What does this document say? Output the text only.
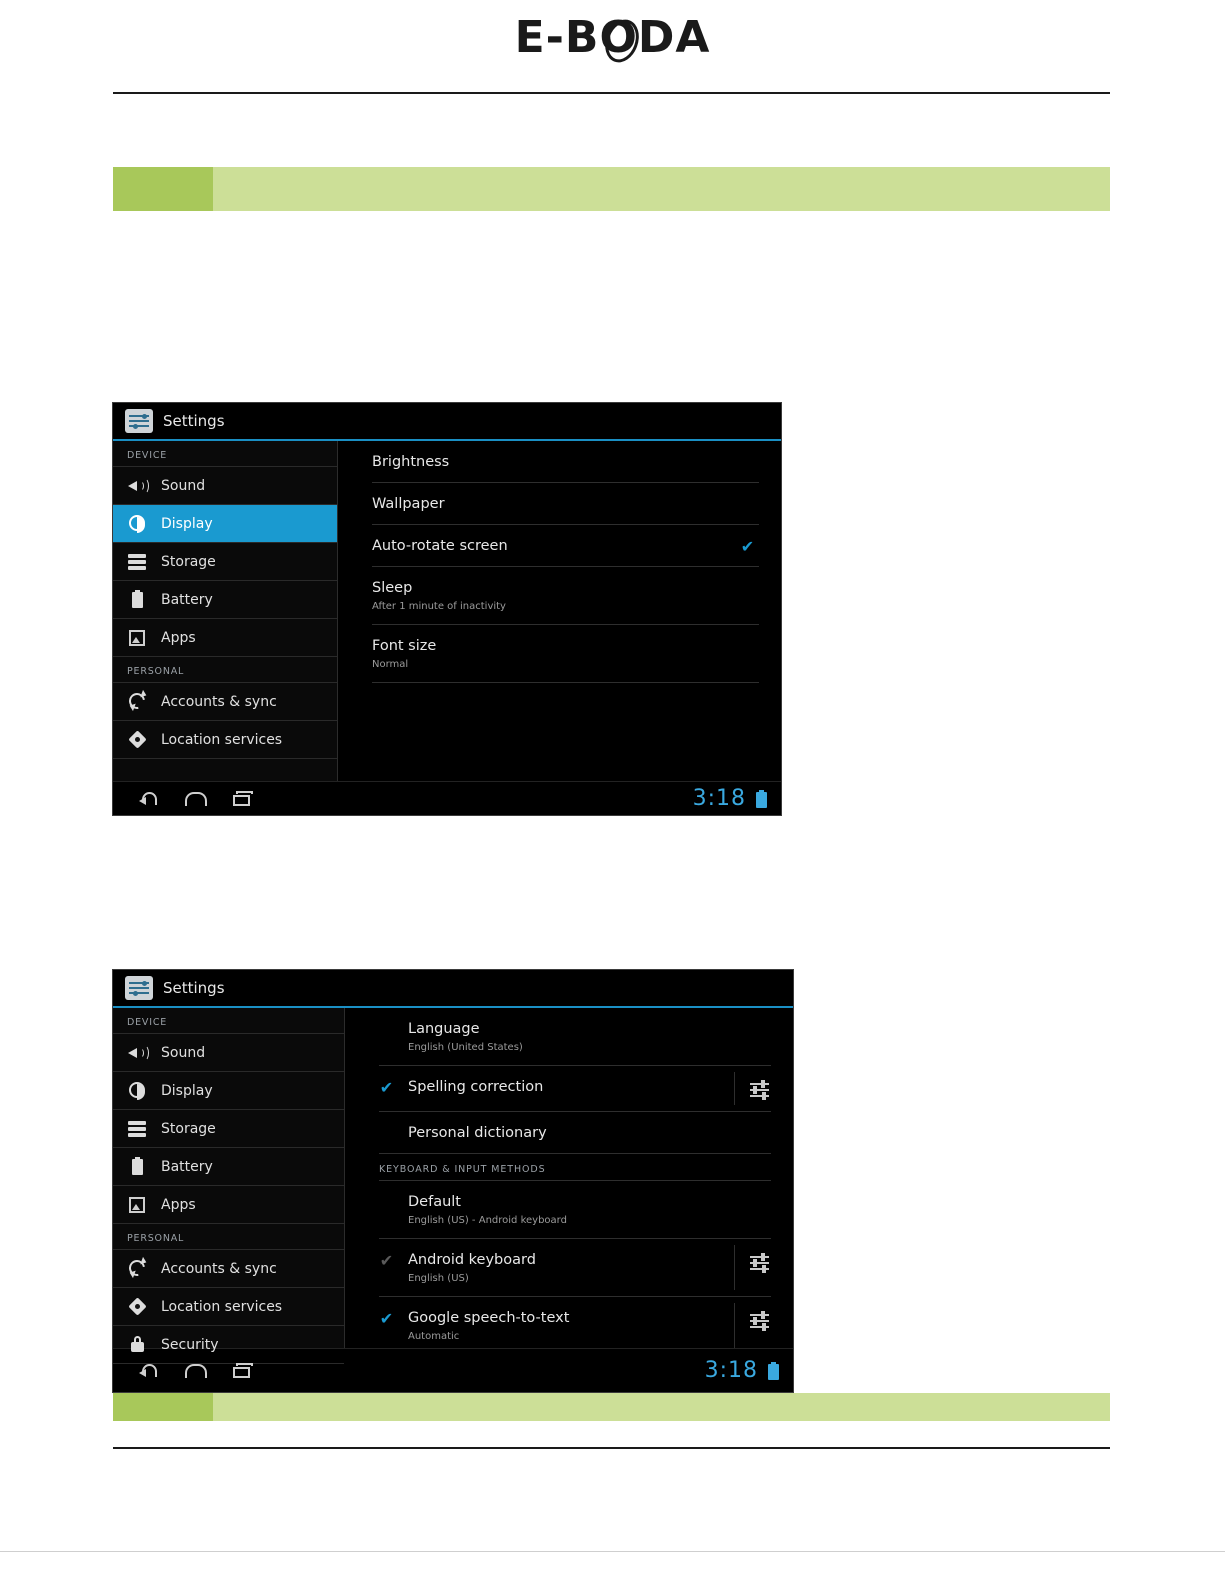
E-BO
DA
Settings
DEVICE
Sound
Display
Storage
Battery
Apps
PERSONAL
Accounts & sync
Location services
Brightness
Wallpaper
Auto-rotate screen	✔
Sleep
After 1 minute of inactivity
Font size
Normal
3:18
Settings
DEVICE
Sound
Display
Storage
Battery
Apps
PERSONAL
Accounts & sync
Location services
Security
Language
English (United States)
✔ Spelling correction
Personal dictionary
KEYBOARD & INPUT METHODS
Default
English (US) - Android keyboard
✔ Android keyboard
English (US)
✔ Google speech-to-text
Automatic
3:18
